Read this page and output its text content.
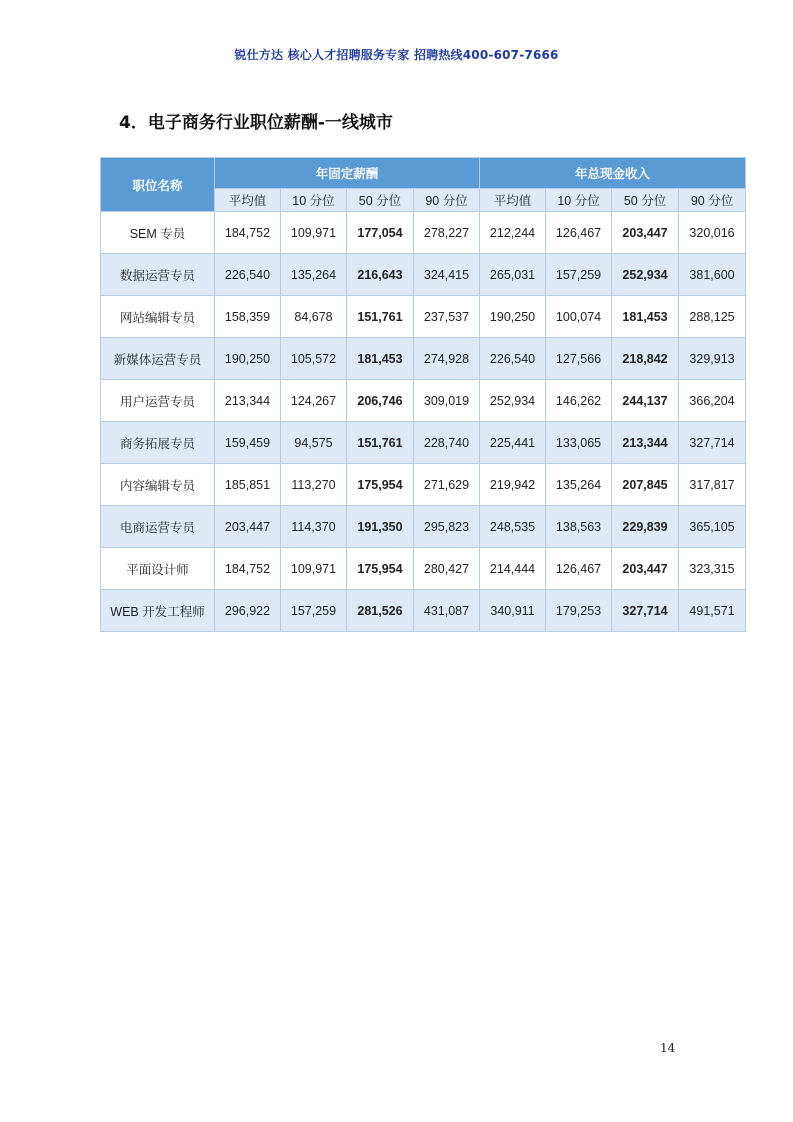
锐仕方达 核心人才招聘服务专家 招聘热线400-607-7666
4．电子商务行业职位薪酬-一线城市
职位名称	年固定薪酬				年总现金收入			
	平均值	10 分位	50 分位	90 分位	平均值	10 分位	50 分位	90 分位
SEM 专员	184,752	109,971	177,054	278,227	212,244	126,467	203,447	320,016
数据运营专员	226,540	135,264	216,643	324,415	265,031	157,259	252,934	381,600
网站编辑专员	158,359	84,678	151,761	237,537	190,250	100,074	181,453	288,125
新媒体运营专员	190,250	105,572	181,453	274,928	226,540	127,566	218,842	329,913
用户运营专员	213,344	124,267	206,746	309,019	252,934	146,262	244,137	366,204
商务拓展专员	159,459	94,575	151,761	228,740	225,441	133,065	213,344	327,714
内容编辑专员	185,851	113,270	175,954	271,629	219,942	135,264	207,845	317,817
电商运营专员	203,447	114,370	191,350	295,823	248,535	138,563	229,839	365,105
平面设计师	184,752	109,971	175,954	280,427	214,444	126,467	203,447	323,315
WEB 开发工程师	296,922	157,259	281,526	431,087	340,911	179,253	327,714	491,571
14
